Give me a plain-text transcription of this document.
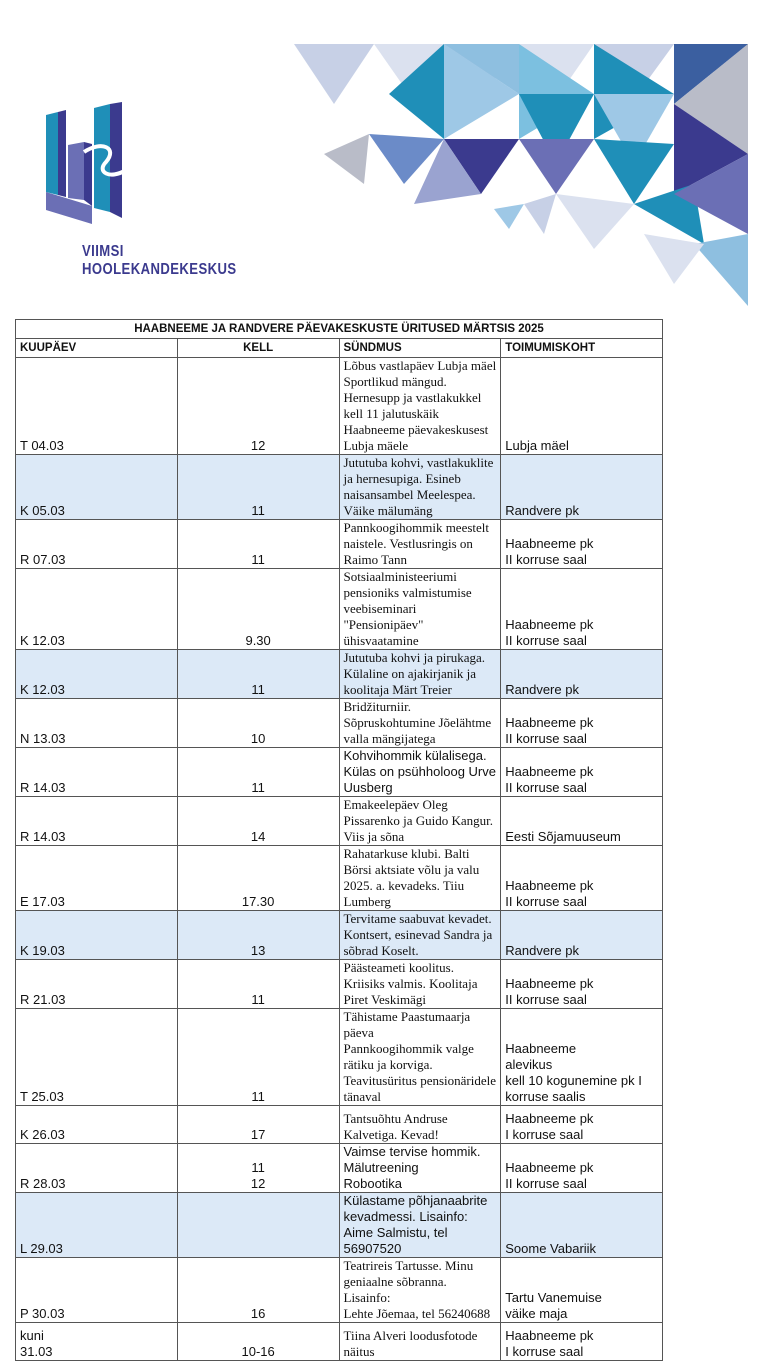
VIIMSI
HOOLEKANDEKESKUS
HAABNEEME JA RANDVERE PÄEVAKESKUSTE ÜRITUSED MÄRTSIS 2025			
KUUPÄEV	KELL	SÜNDMUS	TOIMUMISKOHT
T 04.03	12	Lõbus vastlapäev Lubja mäel
Sportlikud mängud. Hernesupp ja vastlakukkel
kell 11 jalutuskäik Haabneeme päevakeskusest Lubja mäele	Lubja mäel
K 05.03	11	Jututuba kohvi, vastlakuklite ja hernesupiga. Esineb naisansambel Meelespea. Väike mälumäng	Randvere pk
R 07.03	11	Pannkoogihommik meestelt naistele. Vestlusringis on Raimo Tann	Haabneeme pk
II korruse saal
K 12.03	9.30	Sotsiaalministeeriumi pensioniks valmistumise veebiseminari "Pensionipäev" ühisvaatamine	Haabneeme pk
II korruse saal
K 12.03	11	Jututuba kohvi ja pirukaga. Külaline on ajakirjanik ja koolitaja Märt Treier	Randvere pk
N 13.03	10	Bridžiturniir. Sõpruskohtumine Jõelähtme valla mängijatega	Haabneeme pk
II korruse saal
R 14.03	11	Kohvihommik külalisega. Külas on psühholoog Urve Uusberg	Haabneeme pk
II korruse saal
R 14.03	14	Emakeelepäev Oleg Pissarenko ja Guido Kangur. Viis ja sõna	Eesti Sõjamuuseum
E 17.03	17.30	Rahatarkuse klubi. Balti Börsi aktsiate võlu ja valu 2025. a. kevadeks. Tiiu Lumberg	Haabneeme pk
II korruse saal
K 19.03	13	Tervitame saabuvat kevadet. Kontsert, esinevad Sandra ja sõbrad Koselt.	Randvere pk
R 21.03	11	Päästeameti koolitus. Kriisiks valmis. Koolitaja Piret Veskimägi	Haabneeme pk
II korruse saal
T 25.03	11	Tähistame Paastumaarja päeva
Pannkoogihommik valge rätiku ja korviga. Teavitusüritus pensionäridele tänaval	Haabneeme
alevikus
kell 10 kogunemine pk I korruse saalis
K 26.03	17	Tantsuõhtu Andruse Kalvetiga. Kevad!	Haabneeme pk
I korruse saal
R 28.03	11
12	Vaimse tervise hommik. Mälutreening
Robootika	Haabneeme pk
II korruse saal
L 29.03		Külastame põhjanaabrite kevadmessi. Lisainfo: Aime Salmistu, tel 56907520	Soome Vabariik
P 30.03	16	Teatrireis Tartusse. Minu geniaalne sõbranna. Lisainfo:
Lehte Jõemaa, tel 56240688	Tartu Vanemuise
väike maja
kuni
31.03	10-16	Tiina Alveri loodusfotode näitus	Haabneeme pk
I korruse saal
